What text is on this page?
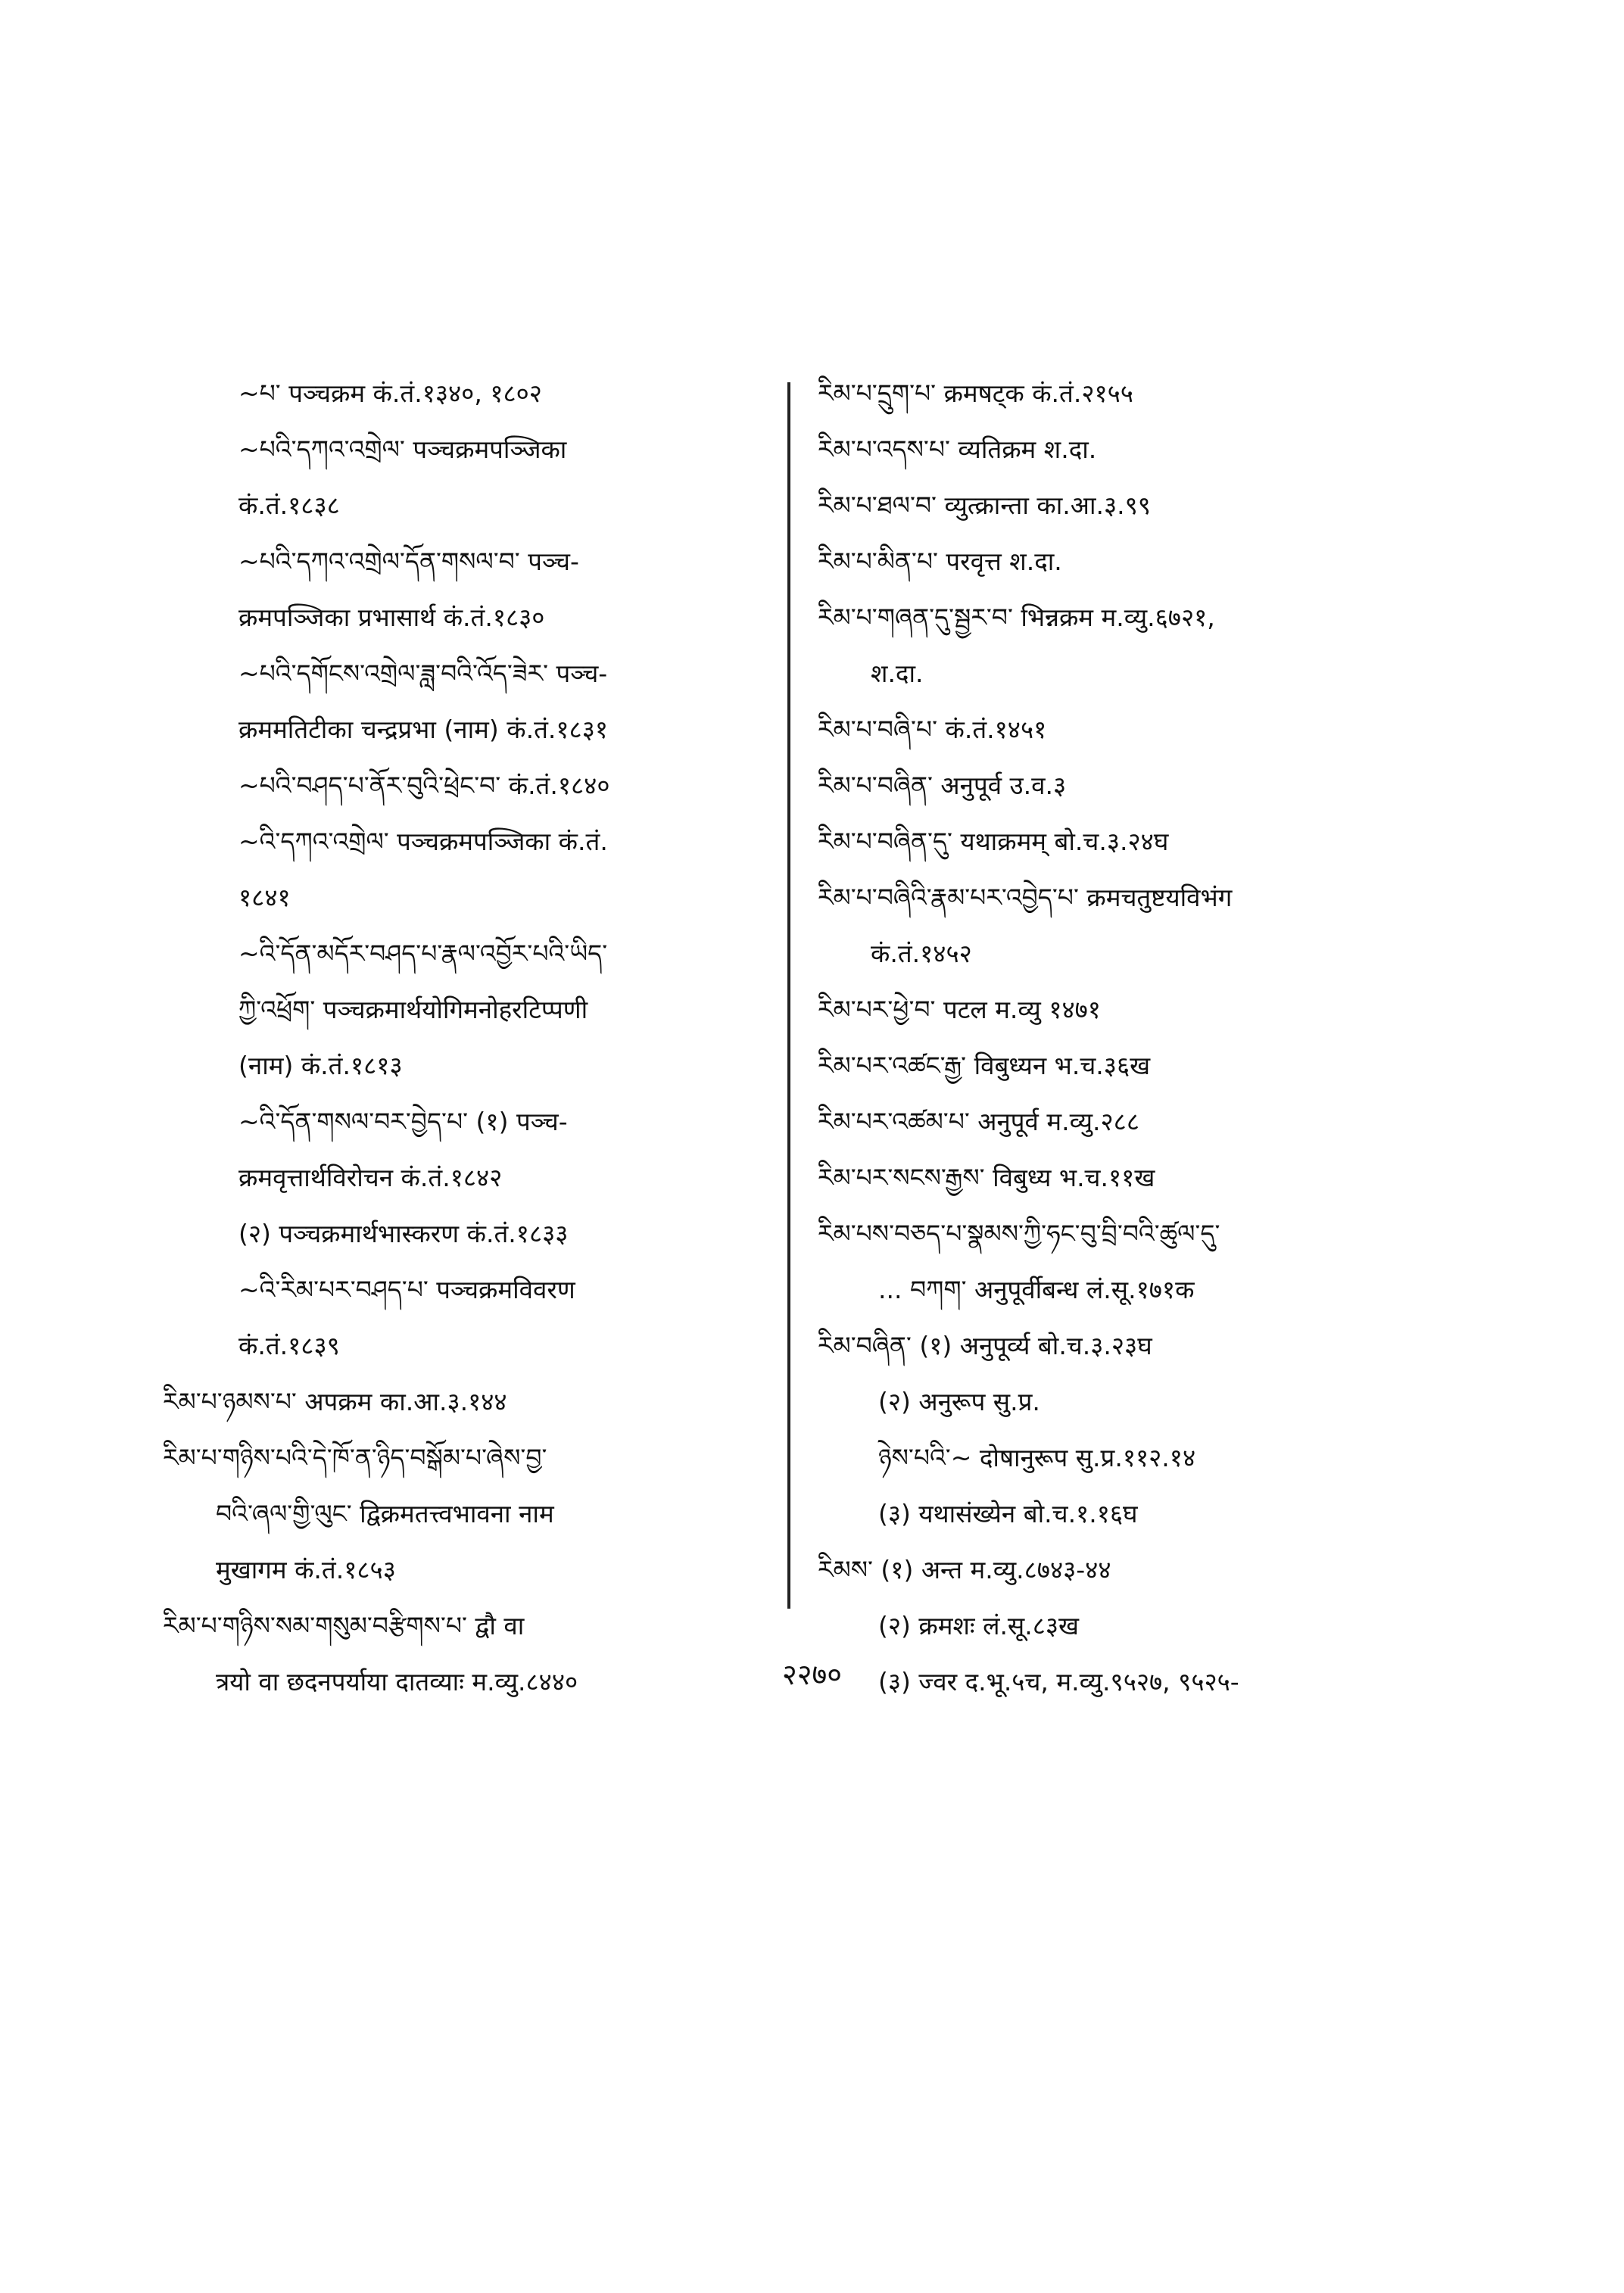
~པ་ पञ्चक्रम कं.तं.१३४०, १८०२
~པའི་དཀའ་འགྲེལ་ पञ्चक्रमपञ्जिका
कं.तं.१८३८
~པའི་དཀའ་འགྲེལ་དོན་གསལ་བ་ पञ्च-
क्रमपञ्जिका प्रभासार्थ कं.तं.१८३०
~པའི་དགོངས་འགྲེལ་ཟླ་བའི་འོད་ཟེར་ पञ्च-
क्रममतिटीका चन्द्रप्रभा (नाम) कं.तं.१८३१
~པའི་བཤད་པ་ནོར་བུའི་ཕྲེང་བ་ कं.तं.१८४०
~འི་དཀའ་འགྲེལ་ पञ्चक्रमपञ्जिका कं.तं.
१८४१
~འི་དོན་མདོར་བཤད་པ་རྣལ་འབྱོར་པའི་ཡིད་
ཀྱི་འཕྲོག་ पञ्चक्रमार्थयोगिमनोहरटिप्पणी
(नाम) कं.तं.१८१३
~འི་དོན་གསལ་བར་བྱེད་པ་ (१) पञ्च-
क्रमवृत्तार्थविरोचन कं.तं.१८४२
(२) पञ्चक्रमार्थभास्करण कं.तं.१८३३
~འི་རིམ་པར་བཤད་པ་ पञ्चक्रमविवरण
कं.तं.१८३९
རིམ་པ་ཉམས་པ་ अपक्रम का.आ.३.१४४
རིམ་པ་གཉིས་པའི་དེ་ཁོ་ན་ཉིད་བསྒོམ་པ་ཞེས་བྱ་
བའི་ཞལ་གྱི་ལུང་ द्विक्रमतत्त्वभावना नाम
मुखागम कं.तं.१८५३
རིམ་པ་གཉིས་སམ་གསུམ་བརྩིགས་པ་ द्वौ वा
त्रयो वा छदनपर्याया दातव्याः म.व्यु.८४४०
རིམ་པ་དྲུག་པ་ क्रमषट्क कं.तं.२१५५
རིམ་པ་འདས་པ་ व्यतिक्रम श.दा.
རིམ་པ་ཐལ་བ་ व्युत्क्रान्ता का.आ.३.९९
རིམ་པ་མིན་པ་ परवृत्त श.दा.
རིམ་པ་གཞན་དུ་སྦྱར་བ་ भिन्नक्रम म.व्यु.६७२१,
श.दा.
རིམ་པ་བཞི་པ་ कं.तं.१४५१
རིམ་པ་བཞིན་ अनुपूर्व उ.व.३
རིམ་པ་བཞིན་དུ་ यथाक्रमम् बो.च.३.२४घ
རིམ་པ་བཞིའི་རྣམ་པར་འབྱེད་པ་ क्रमचतुष्टयविभंग
कं.तं.१४५२
རིམ་པར་ཕྱེ་བ་ पटल म.व्यु १४७१
རིམ་པར་འཚང་རྒྱ་ विबुध्यन भ.च.३६ख
རིམ་པར་འཚམ་པ་ अनुपूर्व म.व्यु.२८८
རིམ་པར་སངས་རྒྱས་ विबुध्य भ.च.११ख
རིམ་པས་བཅད་པ་སྣམས་ཀྱི་ཧང་བུ་བྲི་བའི་ཚུལ་དུ་
... བཀག་ अनुपूर्वीबन्ध लं.सू.१७१क
རིམ་བཞིན་ (१) अनुपूर्व्य बो.च.३.२३घ
(२) अनुरूप सु.प्र.
ཉེས་པའི་~ दोषानुरूप सु.प्र.११२.१४
(३) यथासंख्येन बो.च.१.१६घ
རིམས་ (१) अन्त म.व्यु.८७४३-४४
(२) क्रमशः लं.सू.८३ख
(३) ज्वर द.भू.५च, म.व्यु.९५२७, ९५२५-
२२७०
